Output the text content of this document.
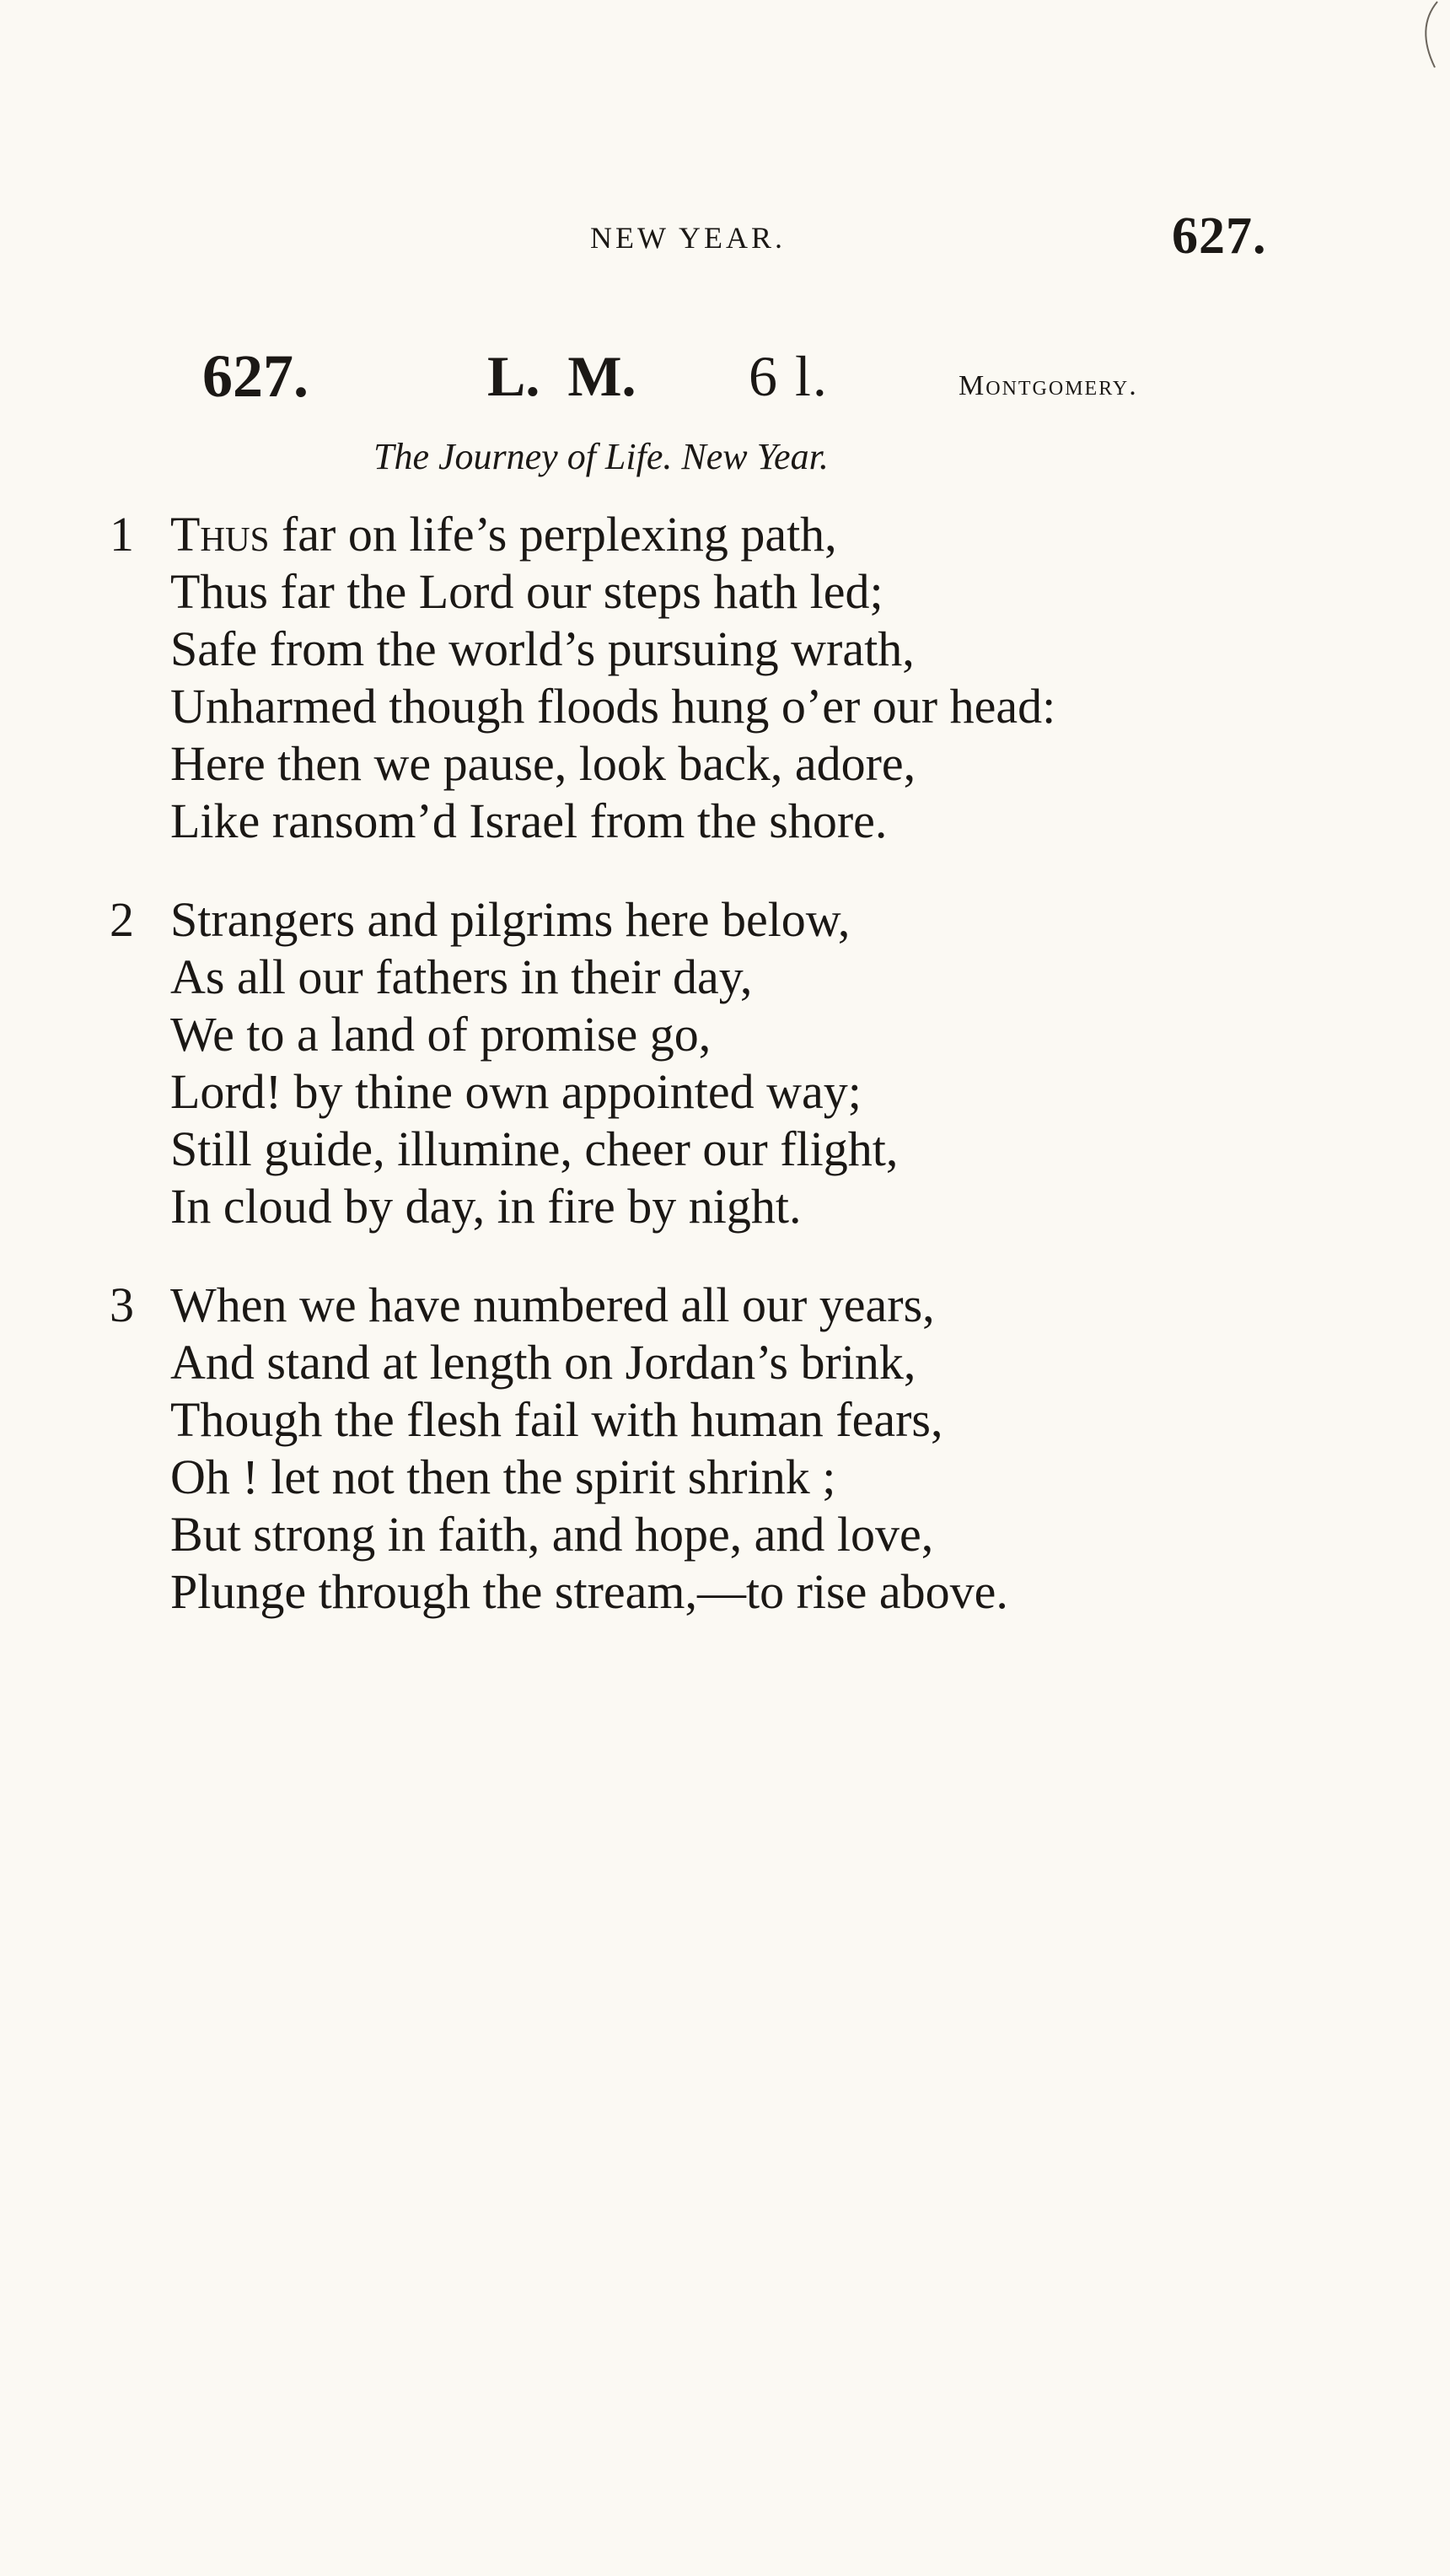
NEW YEAR.	627.
627.	L. M. 6 l.	Montgomery.
The Journey of Life. New Year.
1 Thus far on life’s perplexing path,
Thus far the Lord our steps hath led;
Safe from the world’s pursuing wrath,
Unharmed though floods hung o’er our head:
Here then we pause, look back, adore,
Like ransom’d Israel from the shore.
2 Strangers and pilgrims here below,
As all our fathers in their day,
We to a land of promise go,
Lord! by thine own appointed way;
Still guide, illumine, cheer our flight,
In cloud by day, in fire by night.
3 When we have numbered all our years,
And stand at length on Jordan’s brink,
Though the flesh fail with human fears,
Oh ! let not then the spirit shrink ;
But strong in faith, and hope, and love,
Plunge through the stream,—to rise above.
